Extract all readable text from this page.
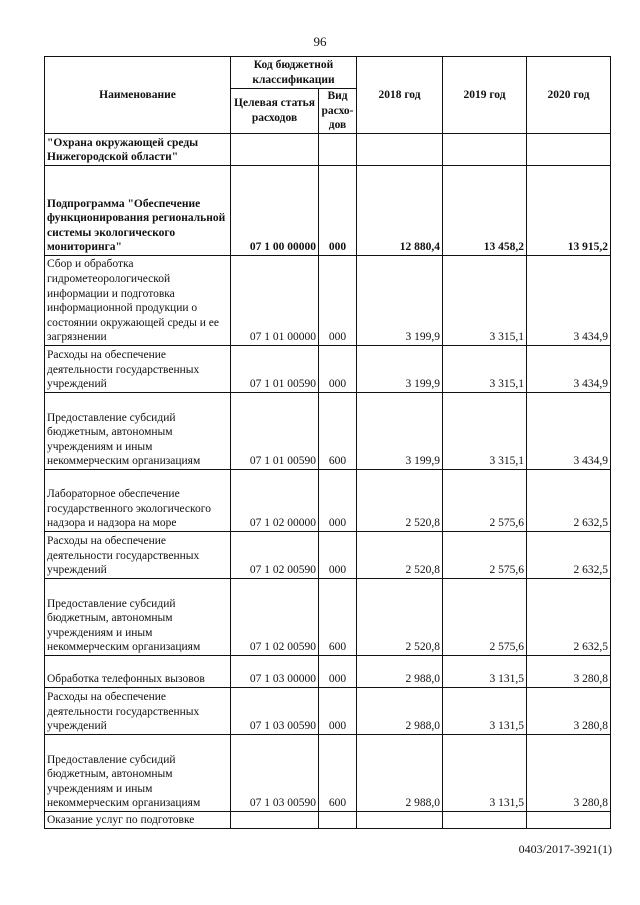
96
Наименование	Код бюджетной классификации		2018 год	2019 год	2020 год
	Целевая статья расходов	Вид расхо-дов			
"Охрана окружающей среды Нижегородской области"					
Подпрограмма "Обеспечение функционирования региональной системы экологического мониторинга"	07 1 00 00000	000	12 880,4	13 458,2	13 915,2
Сбор и обработка гидрометеорологической информации и подготовка информационной продукции о состоянии окружающей среды и ее загрязнении	07 1 01 00000	000	3 199,9	3 315,1	3 434,9
Расходы на обеспечение деятельности государственных учреждений	07 1 01 00590	000	3 199,9	3 315,1	3 434,9
Предоставление субсидий бюджетным, автономным учреждениям и иным некоммерческим организациям	07 1 01 00590	600	3 199,9	3 315,1	3 434,9
Лабораторное обеспечение государственного экологического надзора и надзора на море	07 1 02 00000	000	2 520,8	2 575,6	2 632,5
Расходы на обеспечение деятельности государственных учреждений	07 1 02 00590	000	2 520,8	2 575,6	2 632,5
Предоставление субсидий бюджетным, автономным учреждениям и иным некоммерческим организациям	07 1 02 00590	600	2 520,8	2 575,6	2 632,5
Обработка телефонных вызовов	07 1 03 00000	000	2 988,0	3 131,5	3 280,8
Расходы на обеспечение деятельности государственных учреждений	07 1 03 00590	000	2 988,0	3 131,5	3 280,8
Предоставление субсидий бюджетным, автономным учреждениям и иным некоммерческим организациям	07 1 03 00590	600	2 988,0	3 131,5	3 280,8
Оказание услуг по подготовке					
0403/2017-3921(1)
